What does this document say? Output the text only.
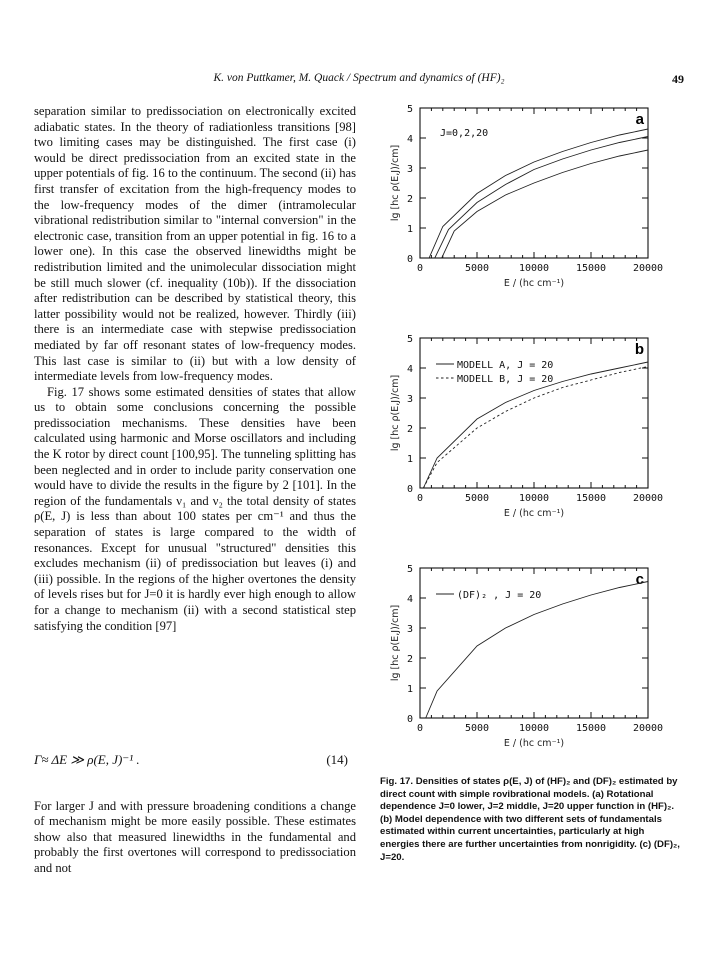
K. von Puttkamer, M. Quack / Spectrum and dynamics of (HF)₂	49

separation similar to predissociation on electronically excited adiabatic states. In the theory of radiationless transitions [98] two limiting cases may be distinguished. The first case (i) would be direct predissociation from an excited state in the upper potentials of fig. 16 to the continuum. The second (ii) has first transfer of excitation from the high-frequency modes to the low-frequency modes of the dimer (intramolecular vibrational redistribution similar to "internal conversion" in the electronic case, transition from an upper potential in fig. 16 to a lower one). In this case the observed linewidths might be redistribution limited and the unimolecular dissociation might be still much slower (cf. inequality (10b)). If the dissociation after redistribution can be described by statistical theory, this latter possibility would not be realized, however. Thirdly (iii) there is an intermediate case with stepwise predissociation mediated by far off resonant states of low-frequency modes. This last case is similar to (ii) but with a low density of intermediate levels from low-frequency modes.

Fig. 17 shows some estimated densities of states that allow us to obtain some conclusions concerning the possible predissociation mechanisms. These densities have been calculated using harmonic and Morse oscillators and including the K rotor by direct count [100,95]. The tunneling splitting has been neglected and in order to include parity conservation one would have to divide the results in the figure by 2 [101]. In the region of the fundamentals ν₁ and ν₂ the total density of states ρ(E, J) is less than about 100 states per cm⁻¹ and thus the separation of states is large compared to the width of resonances. Except for unusual "structured" densities this excludes mechanism (ii) of predissociation but leaves (i) and (iii) possible. In the regions of the higher overtones the density of levels rises but for J=0 it is hardly ever high enough to allow for a change to mechanism (ii) with a second statistical step satisfying the condition [97]

Γ≈ ΔE ≫ ρ(E, J)⁻¹ .	(14)

For larger J and with pressure broadening conditions a change of mechanism might be more easily possible. These estimates show also that measured linewidths in the fundamental and probably the first overtones will correspond to predissociation and not

0	5000	10000	15000	20000
0
1
2
3
4
5
E / (hc cm⁻¹)
lg [hc ρ(E,J)/cm]
a
J=0,2,20
0	5000	10000	15000	20000
0
1
2
3
4
5
E / (hc cm⁻¹)
lg [hc ρ(E,J)/cm]
b
MODELL A, J = 20
MODELL B, J = 20
0	5000	10000	15000	20000
0
1
2
3
4
5
E / (hc cm⁻¹)
lg [hc ρ(E,J)/cm]
c
(DF)₂ , J = 20
Fig. 17. Densities of states ρ(E, J) of (HF)₂ and (DF)₂ estimated by direct count with simple rovibrational models. (a) Rotational dependence J=0 lower, J=2 middle, J=20 upper function in (HF)₂. (b) Model dependence with two different sets of fundamentals estimated within current uncertainties, particularly at high energies there are further uncertainties from nonrigidity. (c) (DF)₂, J=20.
